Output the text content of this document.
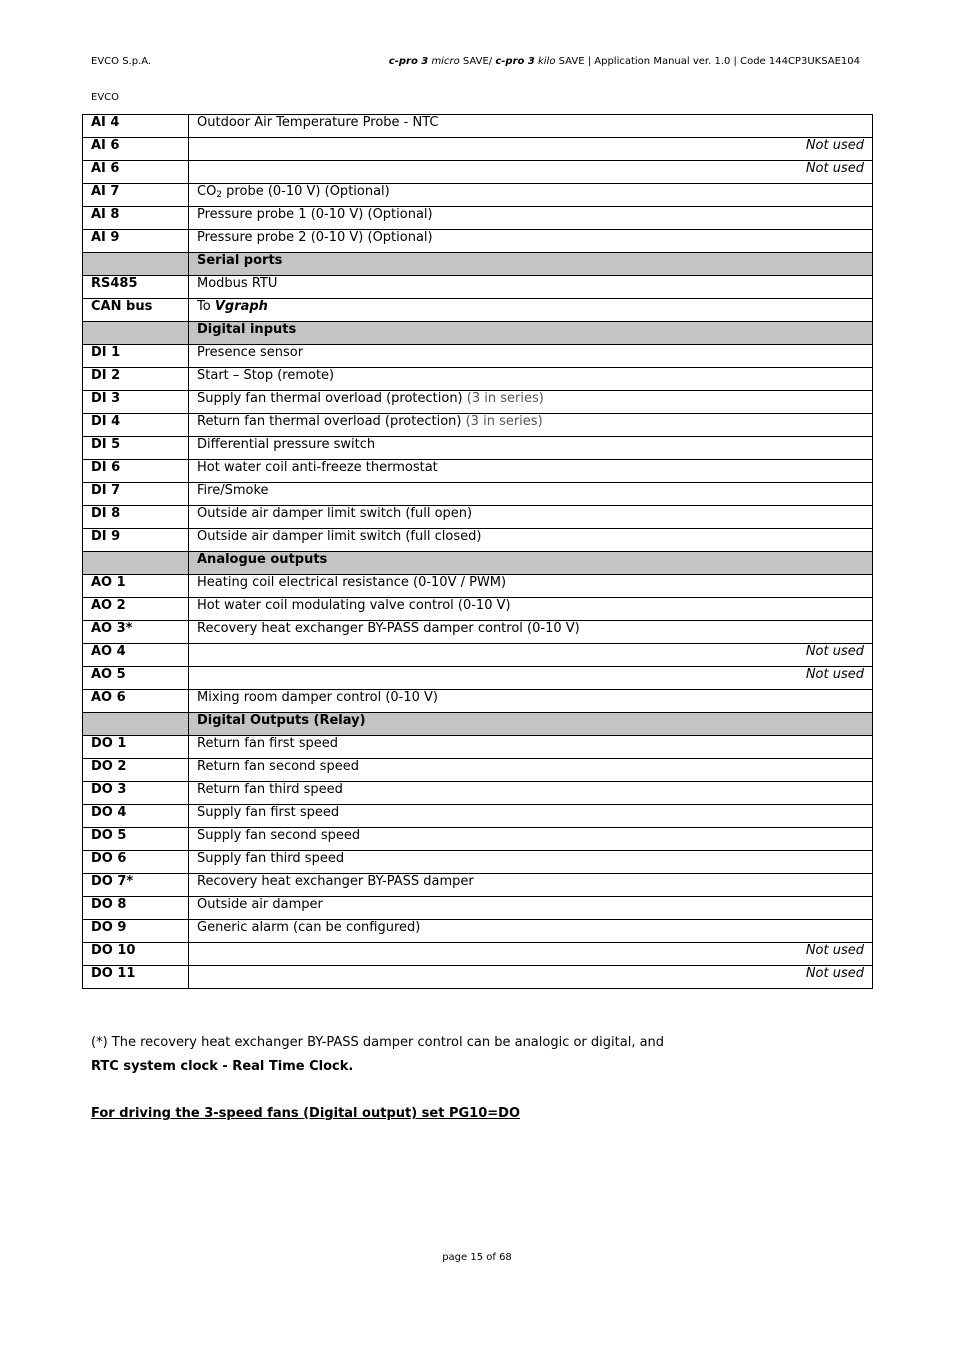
EVCO S.p.A.	c-pro 3 micro SAVE/ c-pro 3 kilo SAVE | Application Manual ver. 1.0 | Code 144CP3UKSAE104
EVCO
AI 4	Outdoor Air Temperature Probe - NTC
AI 6	Not used
AI 6	Not used
AI 7	$CO_2$ probe (0-10 V) (Optional)
AI 8	Pressure probe 1 (0-10 V) (Optional)
AI 9	Pressure probe 2 (0-10 V) (Optional)
	Serial ports
RS485	Modbus RTU
CAN bus	To Vgraph
	Digital inputs
DI 1	Presence sensor
DI 2	Start – Stop (remote)
DI 3	Supply fan thermal overload (protection) (3 in series)
DI 4	Return fan thermal overload (protection) (3 in series)
DI 5	Differential pressure switch
DI 6	Hot water coil anti-freeze thermostat
DI 7	Fire/Smoke
DI 8	Outside air damper limit switch (full open)
DI 9	Outside air damper limit switch (full closed)
	Analogue outputs
AO 1	Heating coil electrical resistance (0-10V / PWM)
AO 2	Hot water coil modulating valve control (0-10 V)
AO 3*	Recovery heat exchanger BY-PASS damper control (0-10 V)
AO 4	Not used
AO 5	Not used
AO 6	Mixing room damper control (0-10 V)
	Digital Outputs (Relay)
DO 1	Return fan first speed
DO 2	Return fan second speed
DO 3	Return fan third speed
DO 4	Supply fan first speed
DO 5	Supply fan second speed
DO 6	Supply fan third speed
DO 7*	Recovery heat exchanger BY-PASS damper
DO 8	Outside air damper
DO 9	Generic alarm (can be configured)
DO 10	Not used
DO 11	Not used
(*) The recovery heat exchanger BY-PASS damper control can be analogic or digital, and
RTC system clock - Real Time Clock.
For driving the 3-speed fans (Digital output) set PG10=DO
page 15 of 68
